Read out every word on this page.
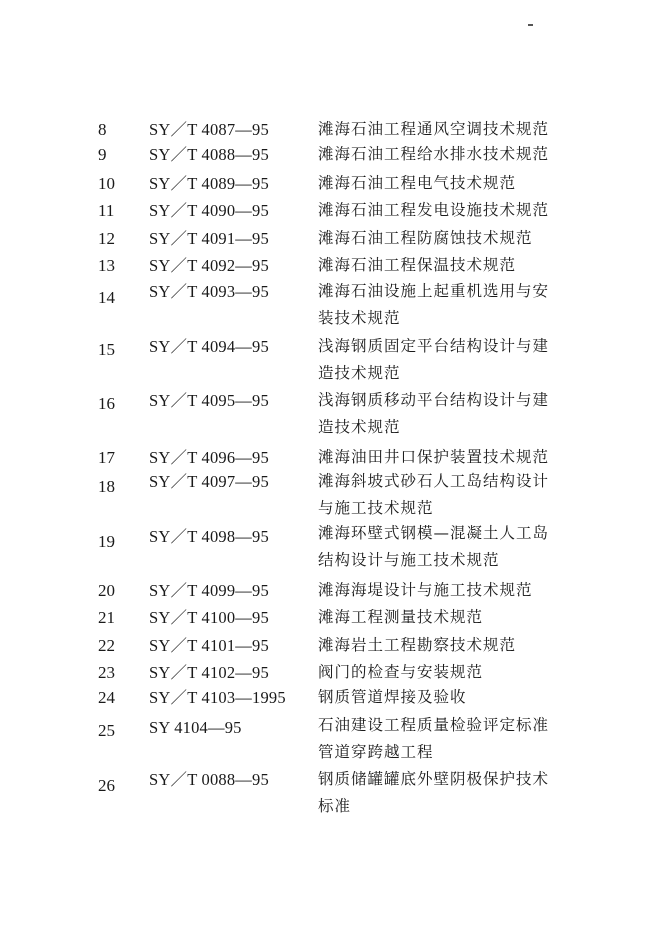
8	SY／T 4087—95	滩海石油工程通风空调技术规范
9	SY／T 4088—95	滩海石油工程给水排水技术规范
10	SY／T 4089—95	滩海石油工程电气技术规范
11	SY／T 4090—95	滩海石油工程发电设施技术规范
12	SY／T 4091—95	滩海石油工程防腐蚀技术规范
13	SY／T 4092—95	滩海石油工程保温技术规范
14	SY／T 4093—95	滩海石油设施上起重机选用与安
装技术规范
15	SY／T 4094—95	浅海钢质固定平台结构设计与建
造技术规范
16	SY／T 4095—95	浅海钢质移动平台结构设计与建
造技术规范
17	SY／T 4096—95	滩海油田井口保护装置技术规范
18	SY／T 4097—95	滩海斜坡式砂石人工岛结构设计
与施工技术规范
19	SY／T 4098—95	滩海环壁式钢模—混凝土人工岛
结构设计与施工技术规范
20	SY／T 4099—95	滩海海堤设计与施工技术规范
21	SY／T 4100—95	滩海工程测量技术规范
22	SY／T 4101—95	滩海岩土工程勘察技术规范
23	SY／T 4102—95	阀门的检查与安装规范
24	SY／T 4103—1995	钢质管道焊接及验收
25	SY 4104—95	石油建设工程质量检验评定标准
管道穿跨越工程
26	SY／T 0088—95	钢质储罐罐底外壁阴极保护技术
标准
